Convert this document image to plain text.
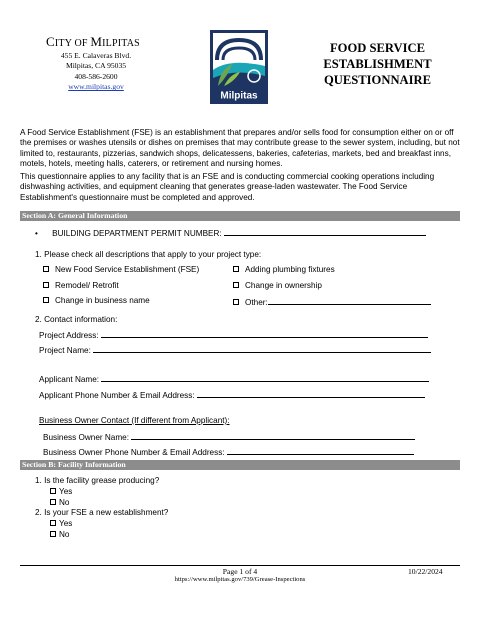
CITY OF MILPITAS
455 E. Calaveras Blvd.
Milpitas, CA 95035
408-586-2600
www.milpitas.gov
Milpitas
FOOD SERVICE
ESTABLISHMENT
QUESTIONNAIRE
A Food Service Establishment (FSE) is an establishment that prepares and/or sells food for consumption either on or off the premises or washes utensils or dishes on premises that may contribute grease to the sewer system, including, but not limited to, restaurants, pizzerias, sandwich shops, delicatessens, bakeries, cafeterias, markets, bed and breakfast inns, motels, hotels, meeting halls, caterers, or retirement and nursing homes.
This questionnaire applies to any facility that is an FSE and is conducting commercial cooking operations including dishwashing activities, and equipment cleaning that generates grease-laden wastewater. The Food Service Establishment's questionnaire must be completed and approved.
Section A: General Information
• BUILDING DEPARTMENT PERMIT NUMBER:
1. Please check all descriptions that apply to your project type:
New Food Service Establishment (FSE)
Remodel/ Retrofit
Change in business name
Adding plumbing fixtures
Change in ownership
Other:
2. Contact information:
Project Address:
Project Name:
Applicant Name:
Applicant Phone Number & Email Address:
Business Owner Contact (If different from Applicant):
Business Owner Name:
Business Owner Phone Number & Email Address:
Section B: Facility Information
1. Is the facility grease producing?
Yes
No
2. Is your FSE a new establishment?
Yes
No
Page 1 of 4	10/22/2024
https://www.milpitas.gov/739/Grease-Inspections
